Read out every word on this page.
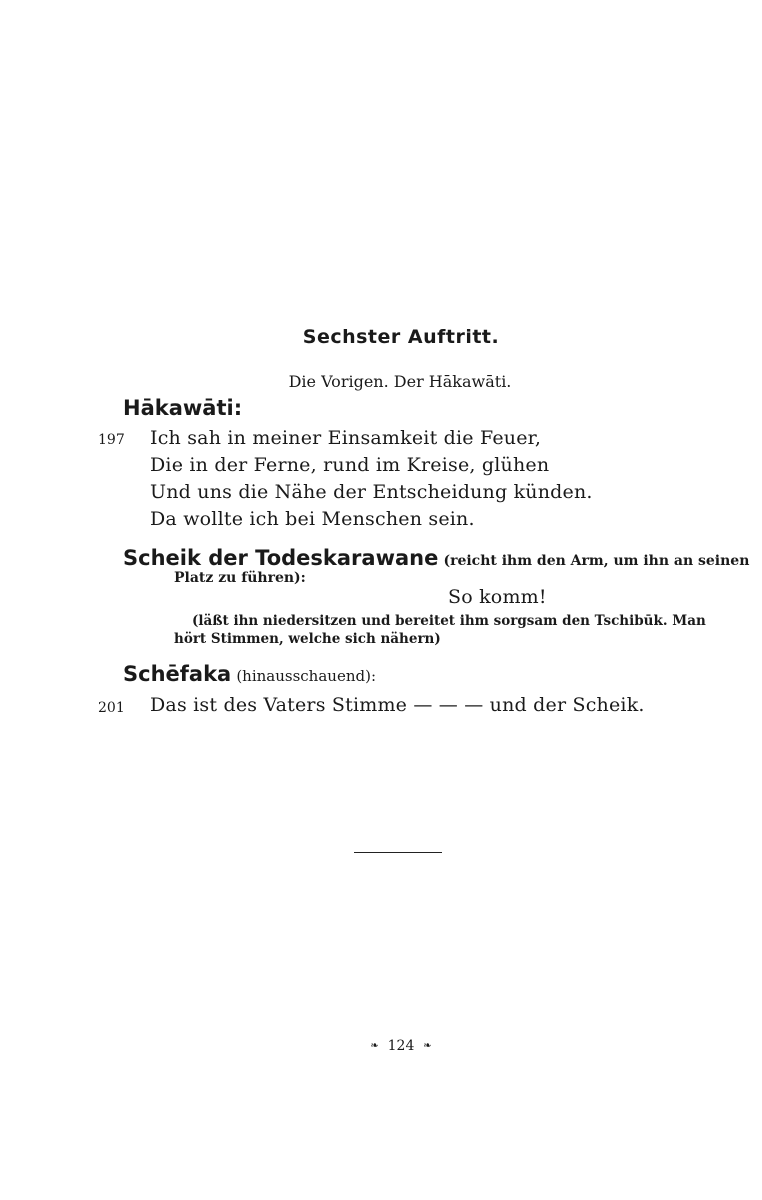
Sechster Auftritt.
Die Vorigen. Der Hākawāti.
Hākawāti:
197 Ich sah in meiner Einsamkeit die Feuer,
Die in der Ferne, rund im Kreise, glühen
Und uns die Nähe der Entscheidung künden.
Da wollte ich bei Menschen sein.
Scheik der Todeskarawane (reicht ihm den Arm, um ihn an seinen
Platz zu führen):
So komm!
(läßt ihn niedersitzen und bereitet ihm sorgsam den Tschibūk. Man
hört Stimmen, welche sich nähern)
Schēfaka (hinausschauend):
201 Das ist des Vaters Stimme — — — und der Scheik.
❧ 124 ❧
